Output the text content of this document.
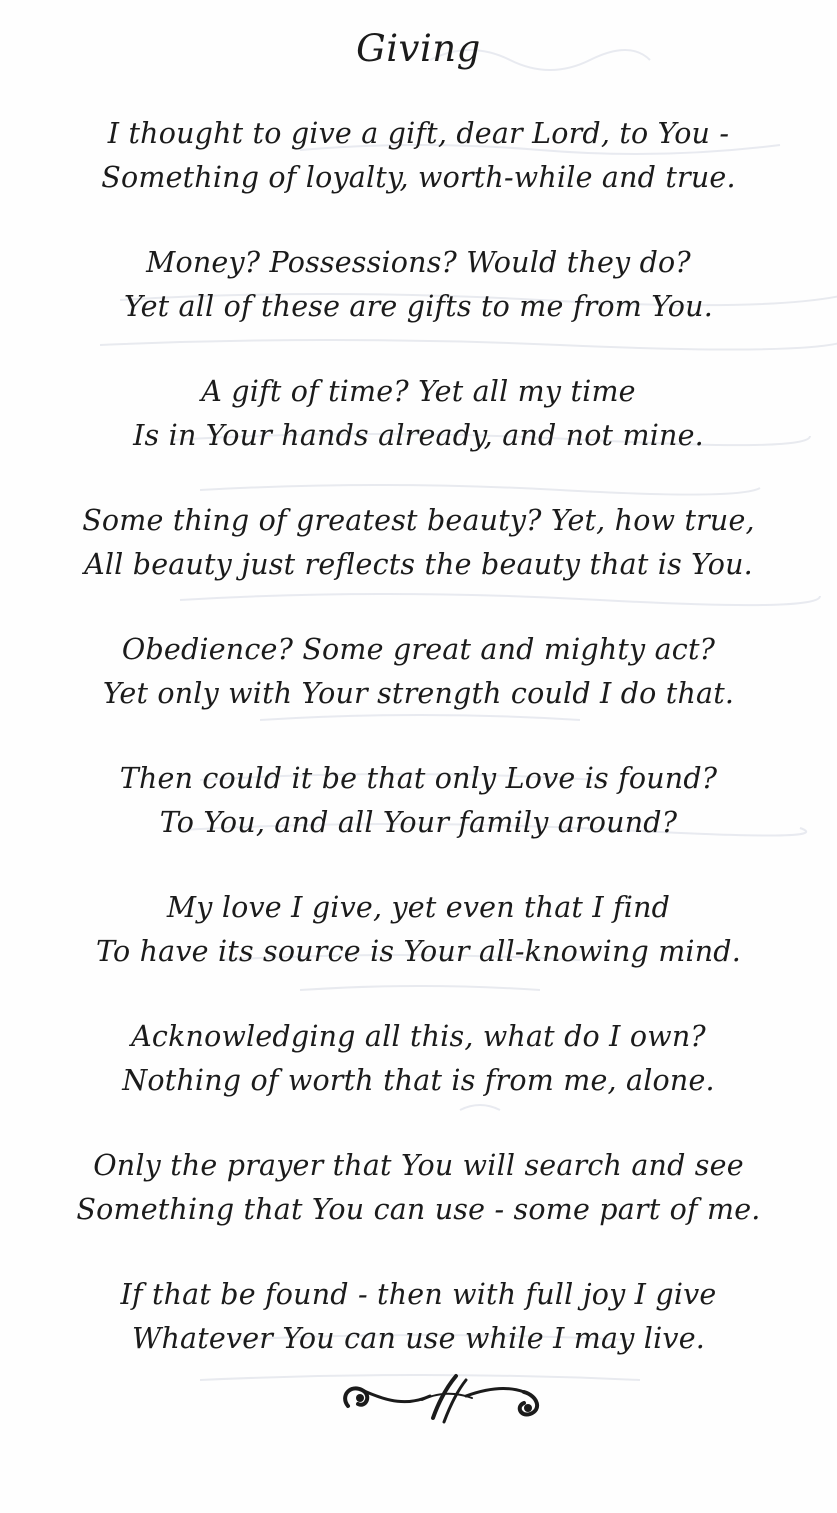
Giving
I thought to give a gift, dear Lord, to You -
Something of loyalty, worth-while and true.
Money? Possessions? Would they do?
Yet all of these are gifts to me from You.
A gift of time? Yet all my time
Is in Your hands already, and not mine.
Some thing of greatest beauty? Yet, how true,
All beauty just reflects the beauty that is You.
Obedience? Some great and mighty act?
Yet only with Your strength could I do that.
Then could it be that only Love is found?
To You, and all Your family around?
My love I give, yet even that I find
To have its source is Your all-knowing mind.
Acknowledging all this, what do I own?
Nothing of worth that is from me, alone.
Only the prayer that You will search and see
Something that You can use - some part of me.
If that be found - then with full joy I give
Whatever You can use while I may live.
